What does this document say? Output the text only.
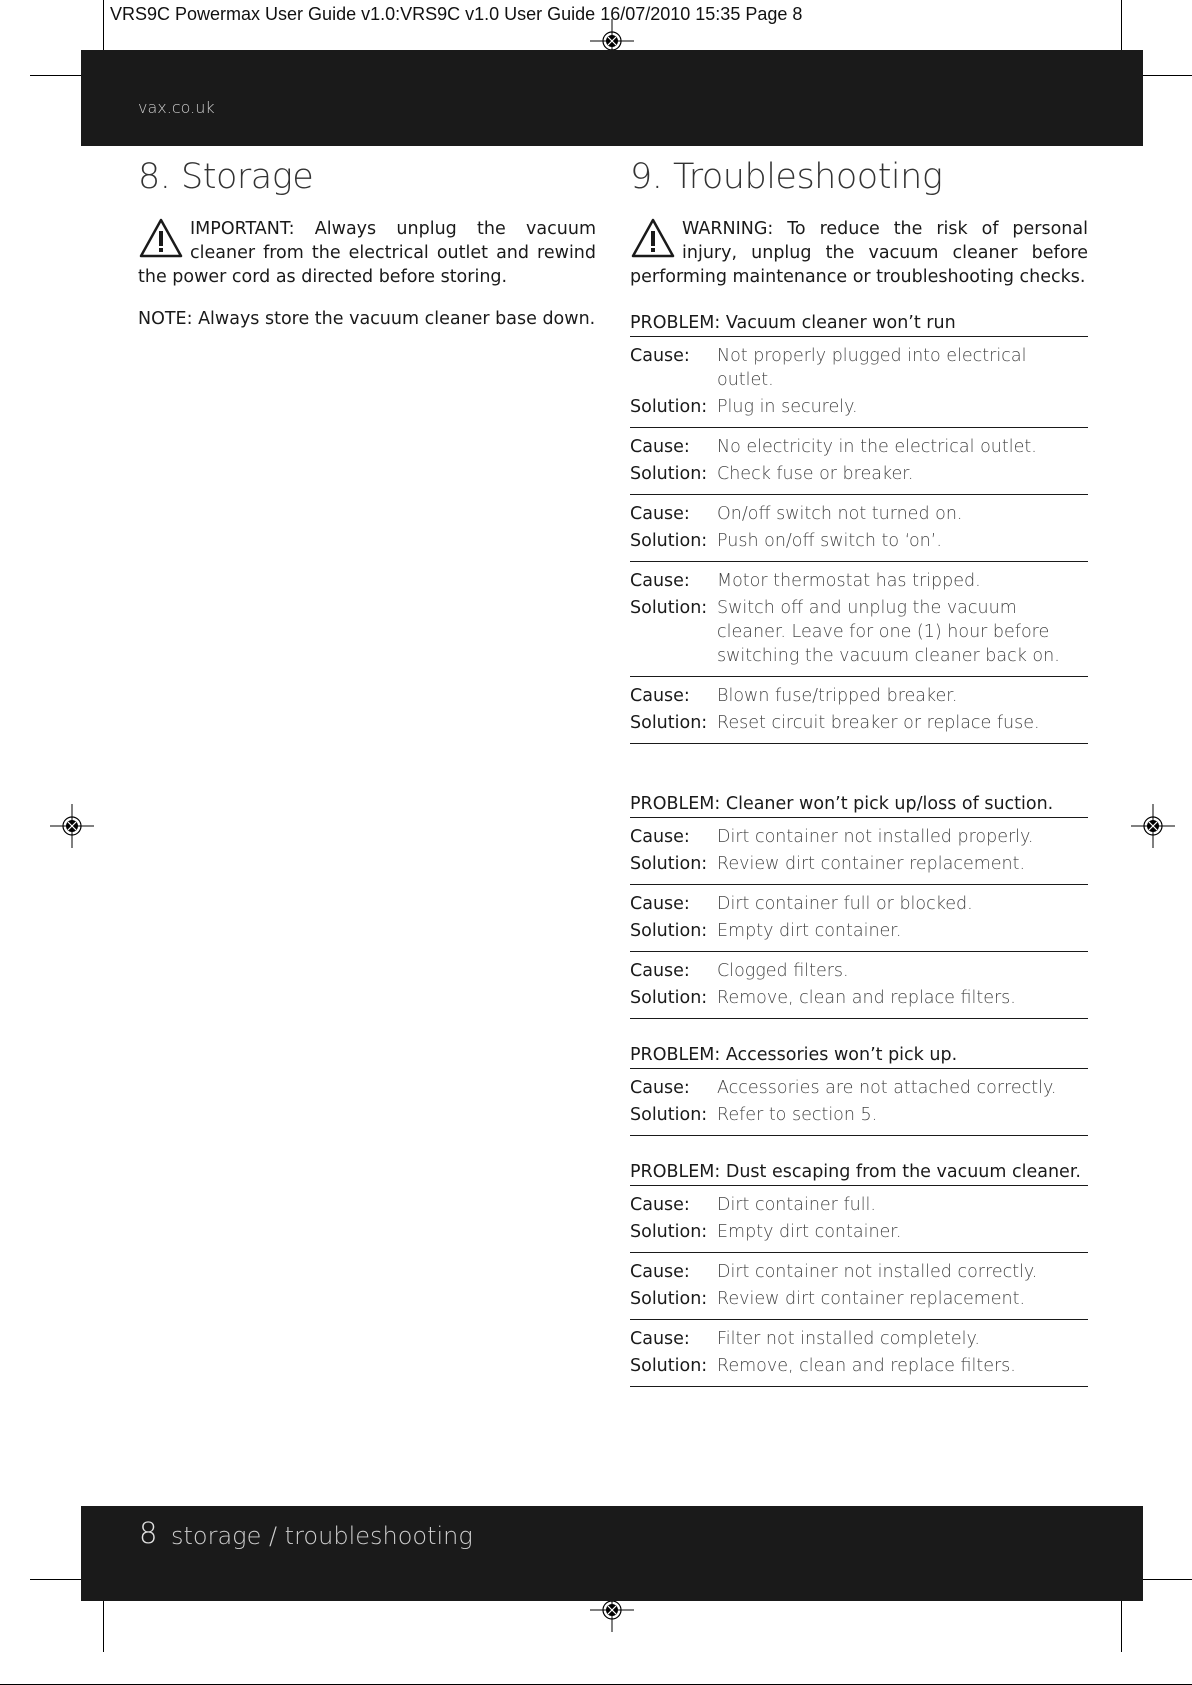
VRS9C Powermax User Guide v1.0:VRS9C v1.0 User Guide 16/07/2010 15:35 Page 8
vax.co.uk
8. Storage
IMPORTANT: Always unplug the vacuum cleaner from the electrical outlet and rewind the power cord as directed before storing.
NOTE: Always store the vacuum cleaner base down.
9. Troubleshooting
WARNING: To reduce the risk of personal injury, unplug the vacuum cleaner before performing maintenance or troubleshooting checks.
PROBLEM: Vacuum cleaner won’t run
Cause:	Not properly plugged into electrical outlet.
Solution: Plug in securely.
Cause:	No electricity in the electrical outlet.
Solution: Check fuse or breaker.
Cause:	On/off switch not turned on.
Solution: Push on/off switch to ‘on’.
Cause:	Motor thermostat has tripped.
Solution: Switch off and unplug the vacuum cleaner. Leave for one (1) hour before switching the vacuum cleaner back on.
Cause:	Blown fuse/tripped breaker.
Solution: Reset circuit breaker or replace fuse.
PROBLEM: Cleaner won’t pick up/loss of suction.
Cause:	Dirt container not installed properly.
Solution: Review dirt container replacement.
Cause:	Dirt container full or blocked.
Solution: Empty dirt container.
Cause:	Clogged filters.
Solution: Remove, clean and replace filters.
PROBLEM: Accessories won’t pick up.
Cause:	Accessories are not attached correctly.
Solution: Refer to section 5.
PROBLEM: Dust escaping from the vacuum cleaner.
Cause:	Dirt container full.
Solution: Empty dirt container.
Cause:	Dirt container not installed correctly.
Solution: Review dirt container replacement.
Cause:	Filter not installed completely.
Solution: Remove, clean and replace filters.
8 storage / troubleshooting
